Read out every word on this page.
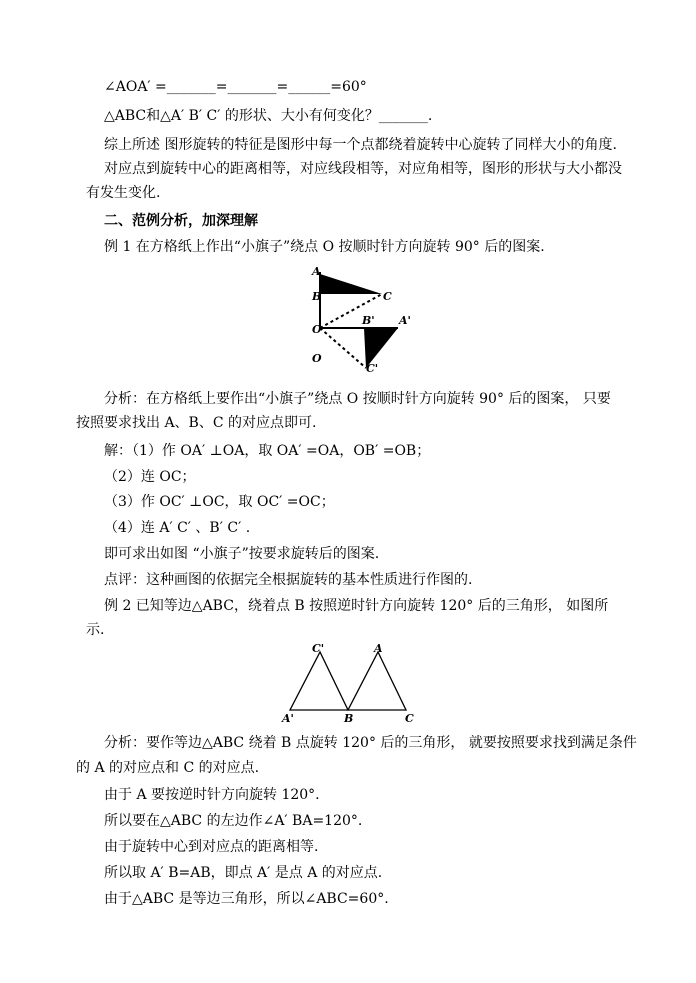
∠AOA′ =_______=_______=______=60°
△ABC和△A′ B′ C′ 的形状、大小有何变化？_______.
综上所述 图形旋转的特征是图形中每一个点都绕着旋转中心旋转了同样大小的角度.
对应点到旋转中心的距离相等，对应线段相等，对应角相等，图形的形状与大小都没
有发生变化.
二、范例分析，加深理解
例 1 在方格纸上作出“小旗子”绕点 O 按顺时针方向旋转 90° 后的图案.
A
B	C
O
B' A'
O
C'
分析：在方格纸上要作出“小旗子”绕点 O 按顺时针方向旋转 90° 后的图案， 只要
按照要求找出 A、B、C 的对应点即可.
解：（1）作 OA′ ⊥OA，取 OA′ =OA，OB′ =OB；
（2）连 OC；
（3）作 OC′ ⊥OC，取 OC′ =OC；
（4）连 A′ C′ 、B′ C′ .
即可求出如图 “小旗子”按要求旋转后的图案.
点评：这种画图的依据完全根据旋转的基本性质进行作图的.
例 2 已知等边△ABC，绕着点 B 按照逆时针方向旋转 120° 后的三角形， 如图所
示.
C'	A
A'	B	C
分析：要作等边△ABC 绕着 B 点旋转 120° 后的三角形， 就要按照要求找到满足条件
的 A 的对应点和 C 的对应点.
由于 A 要按逆时针方向旋转 120°.
所以要在△ABC 的左边作∠A′ BA=120°.
由于旋转中心到对应点的距离相等.
所以取 A′ B=AB，即点 A′ 是点 A 的对应点.
由于△ABC 是等边三角形，所以∠ABC=60°.
